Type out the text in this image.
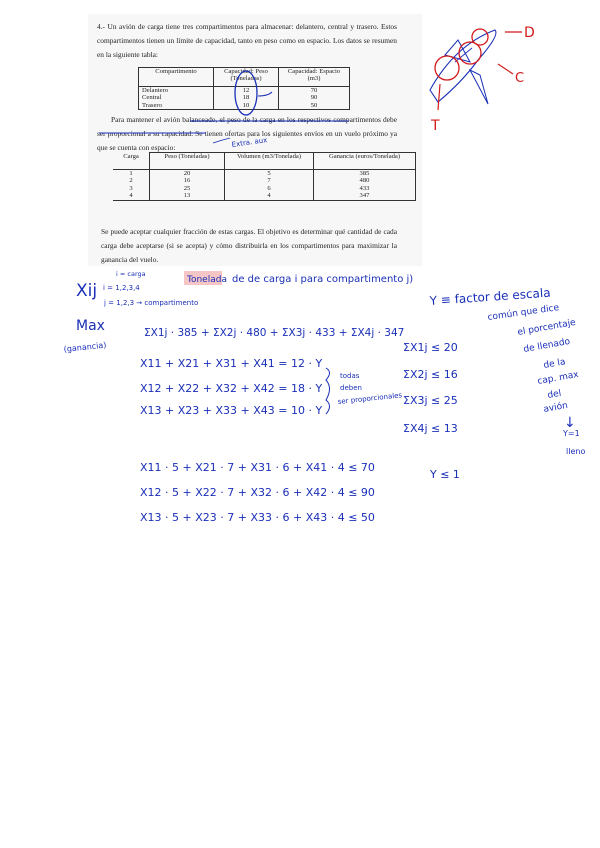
4.- Un avión de carga tiene tres compartimentos para almacenar: delantero, central y trasero. Estos compartimentos tienen un límite de capacidad, tanto en peso como en espacio. Los datos se resumen en la siguiente tabla:

Compartimento	Capacidad: Peso (Toneladas)	Capacidad: Espacio (m3)
Delantero	12	70
Central	18	90
Trasero	10	50

Para mantener el avión balanceado, el peso de la carga en los respectivos compartimentos debe ser proporcional a su capacidad. Se tienen ofertas para los siguientes envíos en un vuelo próximo ya que se cuenta con espacio:

Carga	Peso (Toneladas)	Volumen (m3/Tonelada)	Ganancia (euros/Tonelada)
1	20	5	385
2	16	7	480
3	25	6	433
4	13	4	347

Se puede aceptar cualquier fracción de estas cargas. El objetivo es determinar qué cantidad de cada carga debe aceptarse (si se acepta) y cómo distribuirla en los compartimentos para maximizar la ganancia del vuelo.

Extra. aux
D
C
T
Xij
i = carga
i = 1,2,3,4
j = 1,2,3 → compartimento
Tonelada de de carga i para compartimento j)
Max
(ganancia)
ΣX1j · 385 + ΣX2j · 480 + ΣX3j · 433 + ΣX4j · 347
Y ≡ factor de escala
común que dice
el porcentaje
de llenado
de la
cap. max
del
avión
↓
Y=1
lleno
X11 + X21 + X31 + X41 = 12 · Y
X12 + X22 + X32 + X42 = 18 · Y
X13 + X23 + X33 + X43 = 10 · Y
todas
deben
ser proporcionales
ΣX1j ≤ 20
ΣX2j ≤ 16
ΣX3j ≤ 25
ΣX4j ≤ 13
X11 · 5 + X21 · 7 + X31 · 6 + X41 · 4 ≤ 70
X12 · 5 + X22 · 7 + X32 · 6 + X42 · 4 ≤ 90
X13 · 5 + X23 · 7 + X33 · 6 + X43 · 4 ≤ 50
Y ≤ 1
